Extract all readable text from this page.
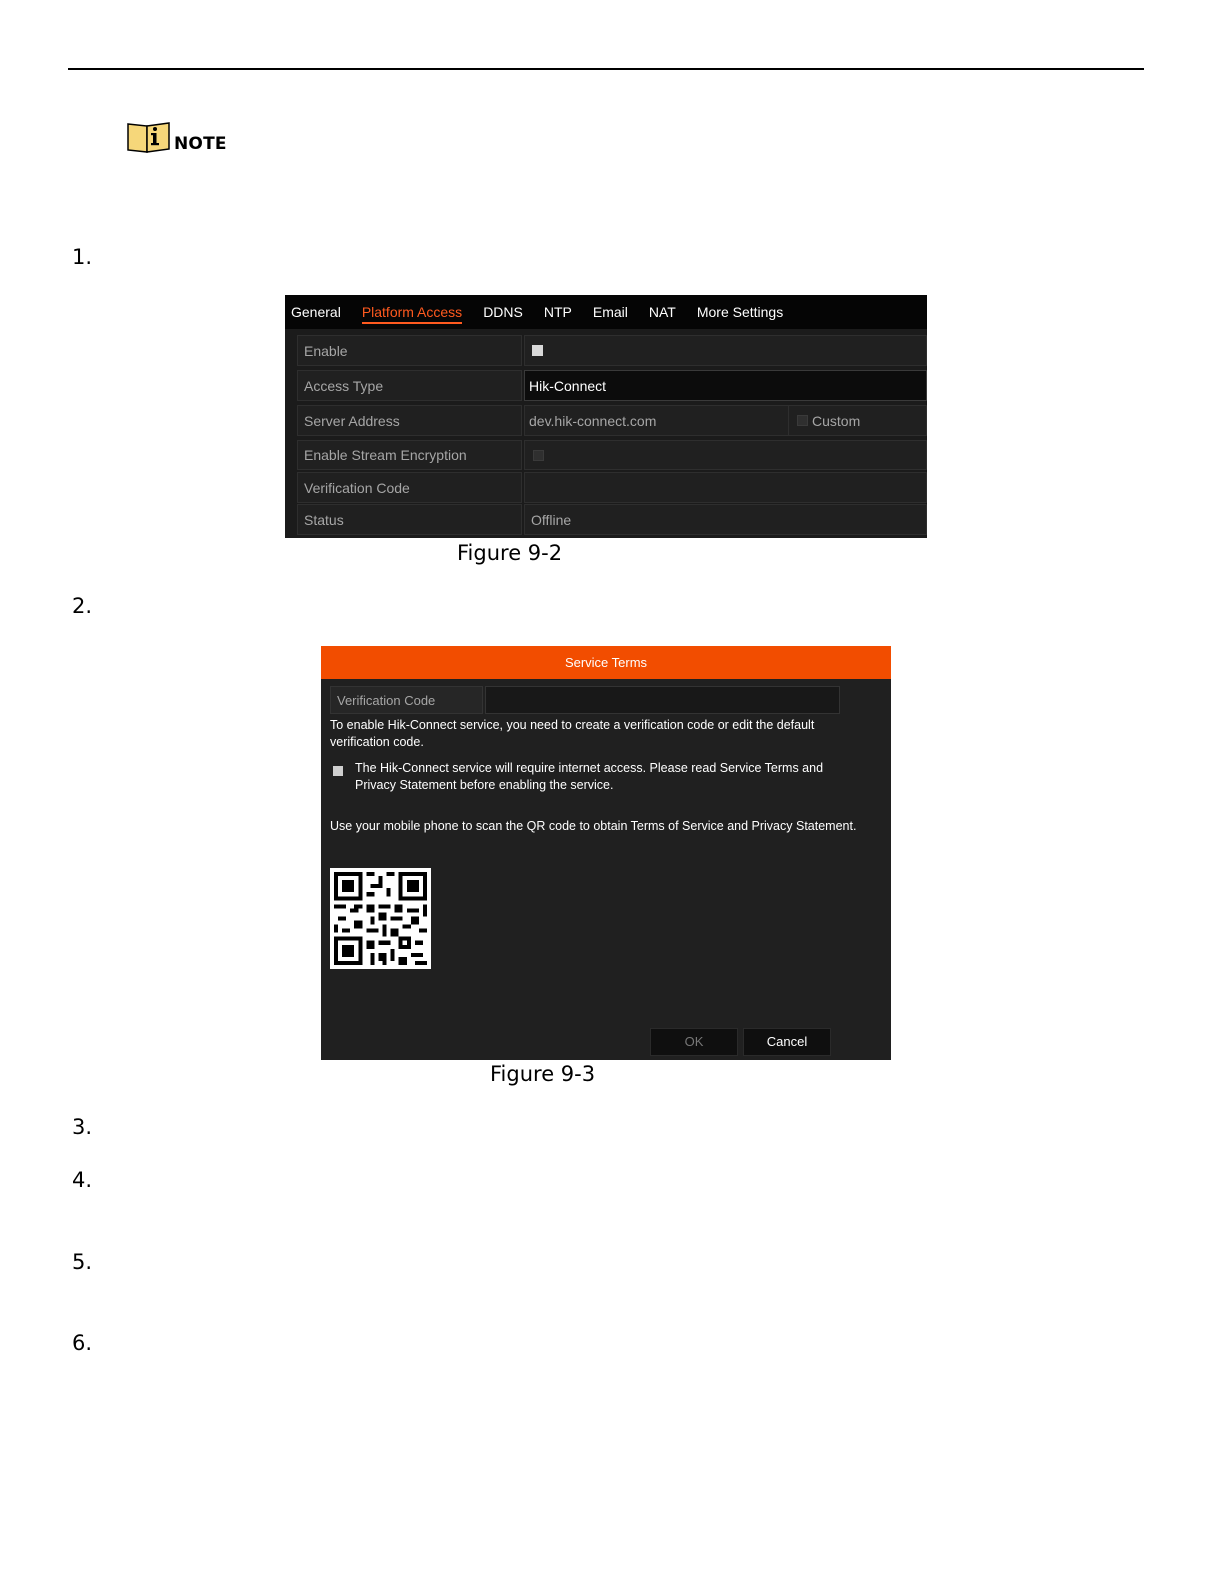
NOTE
1.
2.
3.
4.
5.
6.
General Platform Access DDNS NTP Email NAT More Settings
Enable
Access Type	Hik-Connect
Server Address	dev.hik-connect.com	Custom
Enable Stream Encryption
Verification Code
Status	Offline
Figure 9-2
Service Terms
Verification Code
To enable Hik-Connect service, you need to create a verification code or edit the default
verification code.
The Hik-Connect service will require internet access. Please read Service Terms and
Privacy Statement before enabling the service.
Use your mobile phone to scan the QR code to obtain Terms of Service and Privacy Statement.
OK	Cancel
Figure 9-3
